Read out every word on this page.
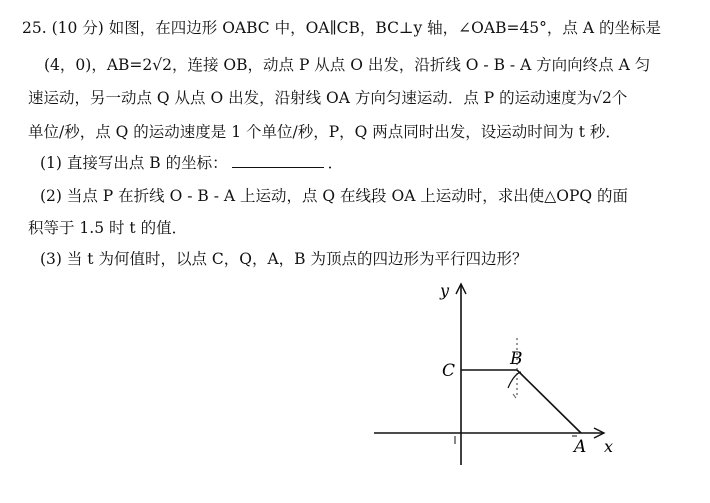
25. (10 分) 如图，在四边形 OABC 中，OA∥CB，BC⊥y 轴，∠OAB=45°，点 A 的坐标是
(4，0)，AB=2√2，连接 OB，动点 P 从点 O 出发，沿折线 O - B - A 方向向终点 A 匀
速运动，另一动点 Q 从点 O 出发，沿射线 OA 方向匀速运动．点 P 的运动速度为√2个
单位/秒，点 Q 的运动速度是 1 个单位/秒，P，Q 两点同时出发，设运动时间为 t 秒．
(1) 直接写出点 B 的坐标：	．
(2) 当点 P 在折线 O - B - A 上运动，点 Q 在线段 OA 上运动时，求出使△OPQ 的面
积等于 1.5 时 t 的值．
(3) 当 t 为何值时，以点 C，Q，A，B 为顶点的四边形为平行四边形？
y
x
C
B
A
